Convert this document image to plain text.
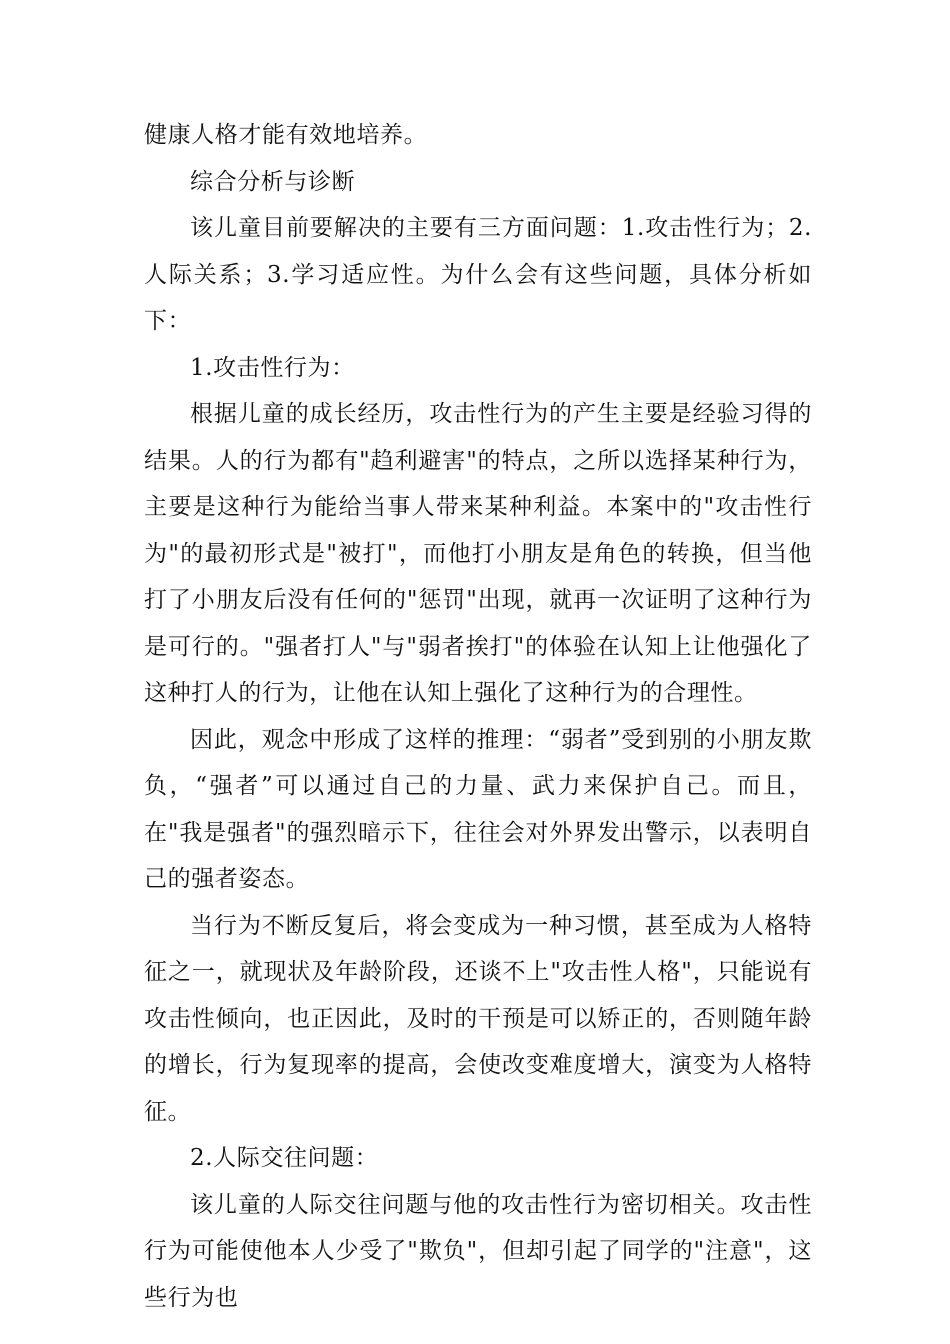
健康人格才能有效地培养。

综合分析与诊断

该儿童目前要解决的主要有三方面问题：1.攻击性行为；2.人际关系；3.学习适应性。为什么会有这些问题，具体分析如下：

1.攻击性行为：

根据儿童的成长经历，攻击性行为的产生主要是经验习得的结果。人的行为都有"趋利避害"的特点，之所以选择某种行为，主要是这种行为能给当事人带来某种利益。本案中的"攻击性行为"的最初形式是"被打"，而他打小朋友是角色的转换，但当他打了小朋友后没有任何的"惩罚"出现，就再一次证明了这种行为是可行的。"强者打人"与"弱者挨打"的体验在认知上让他强化了这种打人的行为，让他在认知上强化了这种行为的合理性。

因此，观念中形成了这样的推理：“弱者”受到别的小朋友欺负，“强者”可以通过自己的力量、武力来保护自己。而且，在"我是强者"的强烈暗示下，往往会对外界发出警示，以表明自己的强者姿态。

当行为不断反复后，将会变成为一种习惯，甚至成为人格特征之一，就现状及年龄阶段，还谈不上"攻击性人格"，只能说有攻击性倾向，也正因此，及时的干预是可以矫正的，否则随年龄的增长，行为复现率的提高，会使改变难度增大，演变为人格特征。

2.人际交往问题：

该儿童的人际交往问题与他的攻击性行为密切相关。攻击性行为可能使他本人少受了"欺负"，但却引起了同学的"注意"，这些行为也
